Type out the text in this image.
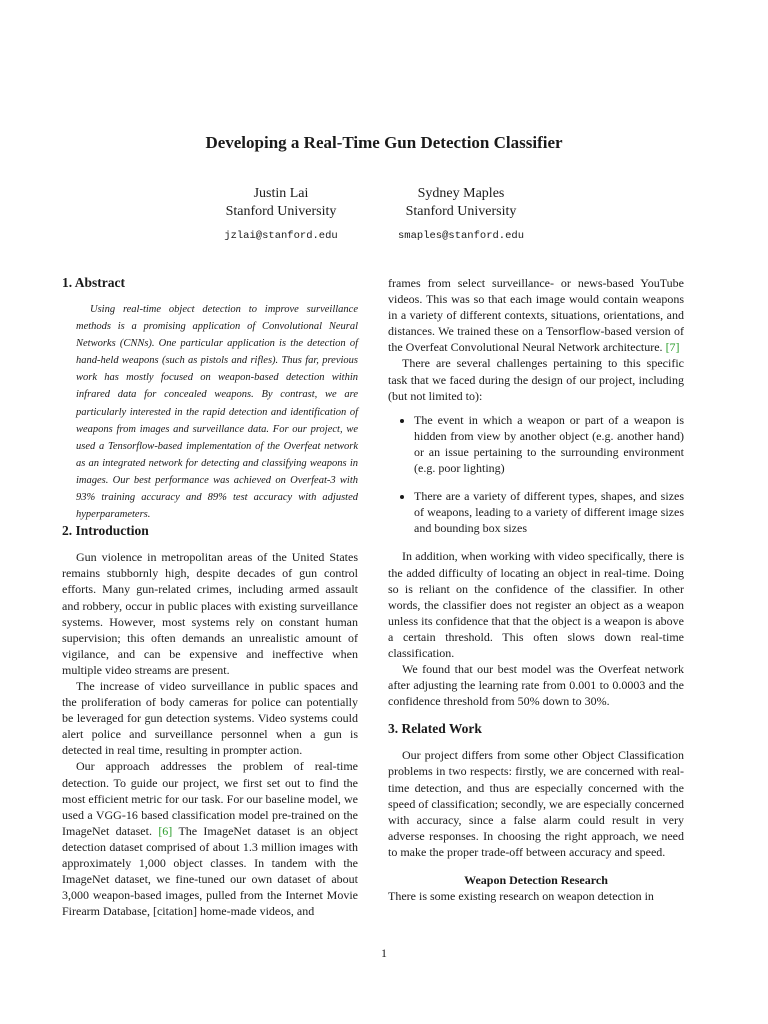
Developing a Real-Time Gun Detection Classifier
Justin Lai
Stanford University
jzlai@stanford.edu
Sydney Maples
Stanford University
smaples@stanford.edu
1. Abstract

Using real-time object detection to improve surveillance methods is a promising application of Convolutional Neural Networks (CNNs). One particular application is the detection of hand-held weapons (such as pistols and rifles). Thus far, previous work has mostly focused on weapon-based detection within infrared data for concealed weapons. By contrast, we are particularly interested in the rapid detection and identification of weapons from images and surveillance data. For our project, we used a Tensorflow-based implementation of the Overfeat network as an integrated network for detecting and classifying weapons in images. Our best performance was achieved on Overfeat-3 with 93% training accuracy and 89% test accuracy with adjusted hyperparameters.

2. Introduction

Gun violence in metropolitan areas of the United States remains stubbornly high, despite decades of gun control efforts. Many gun-related crimes, including armed assault and robbery, occur in public places with existing surveillance systems. However, most systems rely on constant human supervision; this often demands an unrealistic amount of vigilance, and can be expensive and ineffective when multiple video streams are present.

The increase of video surveillance in public spaces and the proliferation of body cameras for police can potentially be leveraged for gun detection systems. Video systems could alert police and surveillance personnel when a gun is detected in real time, resulting in prompter action.

Our approach addresses the problem of real-time detection. To guide our project, we first set out to find the most efficient metric for our task. For our baseline model, we used a VGG-16 based classification model pre-trained on the ImageNet dataset. [6] The ImageNet dataset is an object detection dataset comprised of about 1.3 million images with approximately 1,000 object classes. In tandem with the ImageNet dataset, we fine-tuned our own dataset of about 3,000 weapon-based images, pulled from the Internet Movie Firearm Database, [citation] home-made videos, and

frames from select surveillance- or news-based YouTube videos. This was so that each image would contain weapons in a variety of different contexts, situations, orientations, and distances. We trained these on a Tensorflow-based version of the Overfeat Convolutional Neural Network architecture. [7]

There are several challenges pertaining to this specific task that we faced during the design of our project, including (but not limited to):

• The event in which a weapon or part of a weapon is hidden from view by another object (e.g. another hand) or an issue pertaining to the surrounding environment (e.g. poor lighting)
• There are a variety of different types, shapes, and sizes of weapons, leading to a variety of different image sizes and bounding box sizes

In addition, when working with video specifically, there is the added difficulty of locating an object in real-time. Doing so is reliant on the confidence of the classifier. In other words, the classifier does not register an object as a weapon unless its confidence that that the object is a weapon is above a certain threshold. This often slows down real-time classification.

We found that our best model was the Overfeat network after adjusting the learning rate from 0.001 to 0.0003 and the confidence threshold from 50% down to 30%.

3. Related Work

Our project differs from some other Object Classification problems in two respects: firstly, we are concerned with real-time detection, and thus are especially concerned with the speed of classification; secondly, we are especially concerned with accuracy, since a false alarm could result in very adverse responses. In choosing the right approach, we need to make the proper trade-off between accuracy and speed.

Weapon Detection Research

There is some existing research on weapon detection in

1
